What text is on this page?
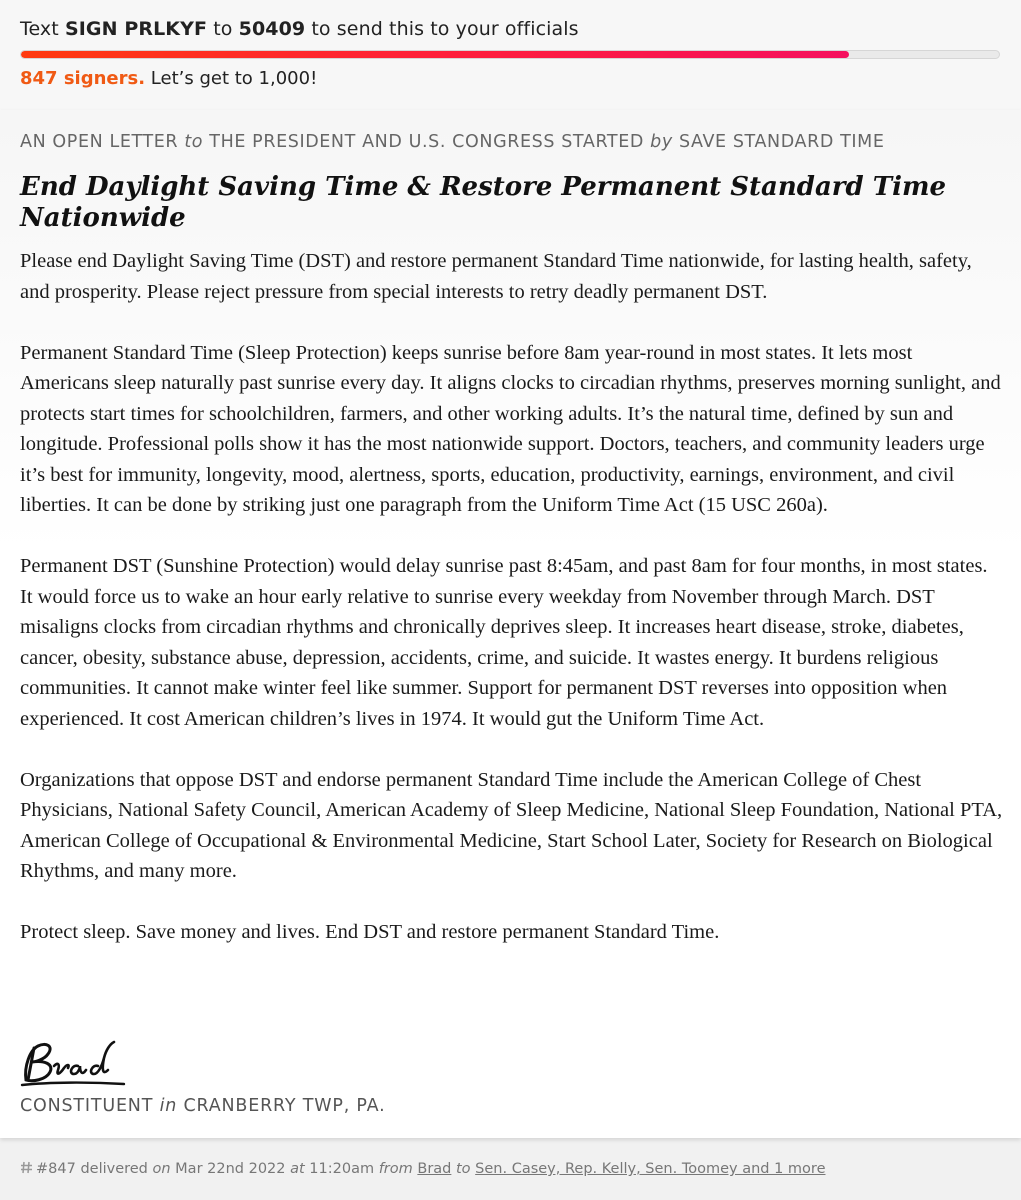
Text SIGN PRLKYF to 50409 to send this to your officials
847 signers. Let’s get to 1,000!
AN OPEN LETTER to THE PRESIDENT AND U.S. CONGRESS STARTED by SAVE STANDARD TIME
End Daylight Saving Time & Restore Permanent Standard Time Nationwide

Please end Daylight Saving Time (DST) and restore permanent Standard Time nationwide, for lasting health, safety, and prosperity. Please reject pressure from special interests to retry deadly permanent DST.

Permanent Standard Time (Sleep Protection) keeps sunrise before 8am year-round in most states. It lets most Americans sleep naturally past sunrise every day. It aligns clocks to circadian rhythms, preserves morning sunlight, and protects start times for schoolchildren, farmers, and other working adults. It’s the natural time, defined by sun and longitude. Professional polls show it has the most nationwide support. Doctors, teachers, and community leaders urge it’s best for immunity, longevity, mood, alertness, sports, education, productivity, earnings, environment, and civil liberties. It can be done by striking just one paragraph from the Uniform Time Act (15 USC 260a).

Permanent DST (Sunshine Protection) would delay sunrise past 8:45am, and past 8am for four months, in most states. It would force us to wake an hour early relative to sunrise every weekday from November through March. DST misaligns clocks from circadian rhythms and chronically deprives sleep. It increases heart disease, stroke, diabetes, cancer, obesity, substance abuse, depression, accidents, crime, and suicide. It wastes energy. It burdens religious communities. It cannot make winter feel like summer. Support for permanent DST reverses into opposition when experienced. It cost American children’s lives in 1974. It would gut the Uniform Time Act.

Organizations that oppose DST and endorse permanent Standard Time include the American College of Chest Physicians, National Safety Council, American Academy of Sleep Medicine, National Sleep Foundation, National PTA, American College of Occupational & Environmental Medicine, Start School Later, Society for Research on Biological Rhythms, and many more.

Protect sleep. Save money and lives. End DST and restore permanent Standard Time.

CONSTITUENT in CRANBERRY TWP, PA.
#847 delivered on Mar 22nd 2022 at 11:20am from Brad to Sen. Casey, Rep. Kelly, Sen. Toomey and 1 more
